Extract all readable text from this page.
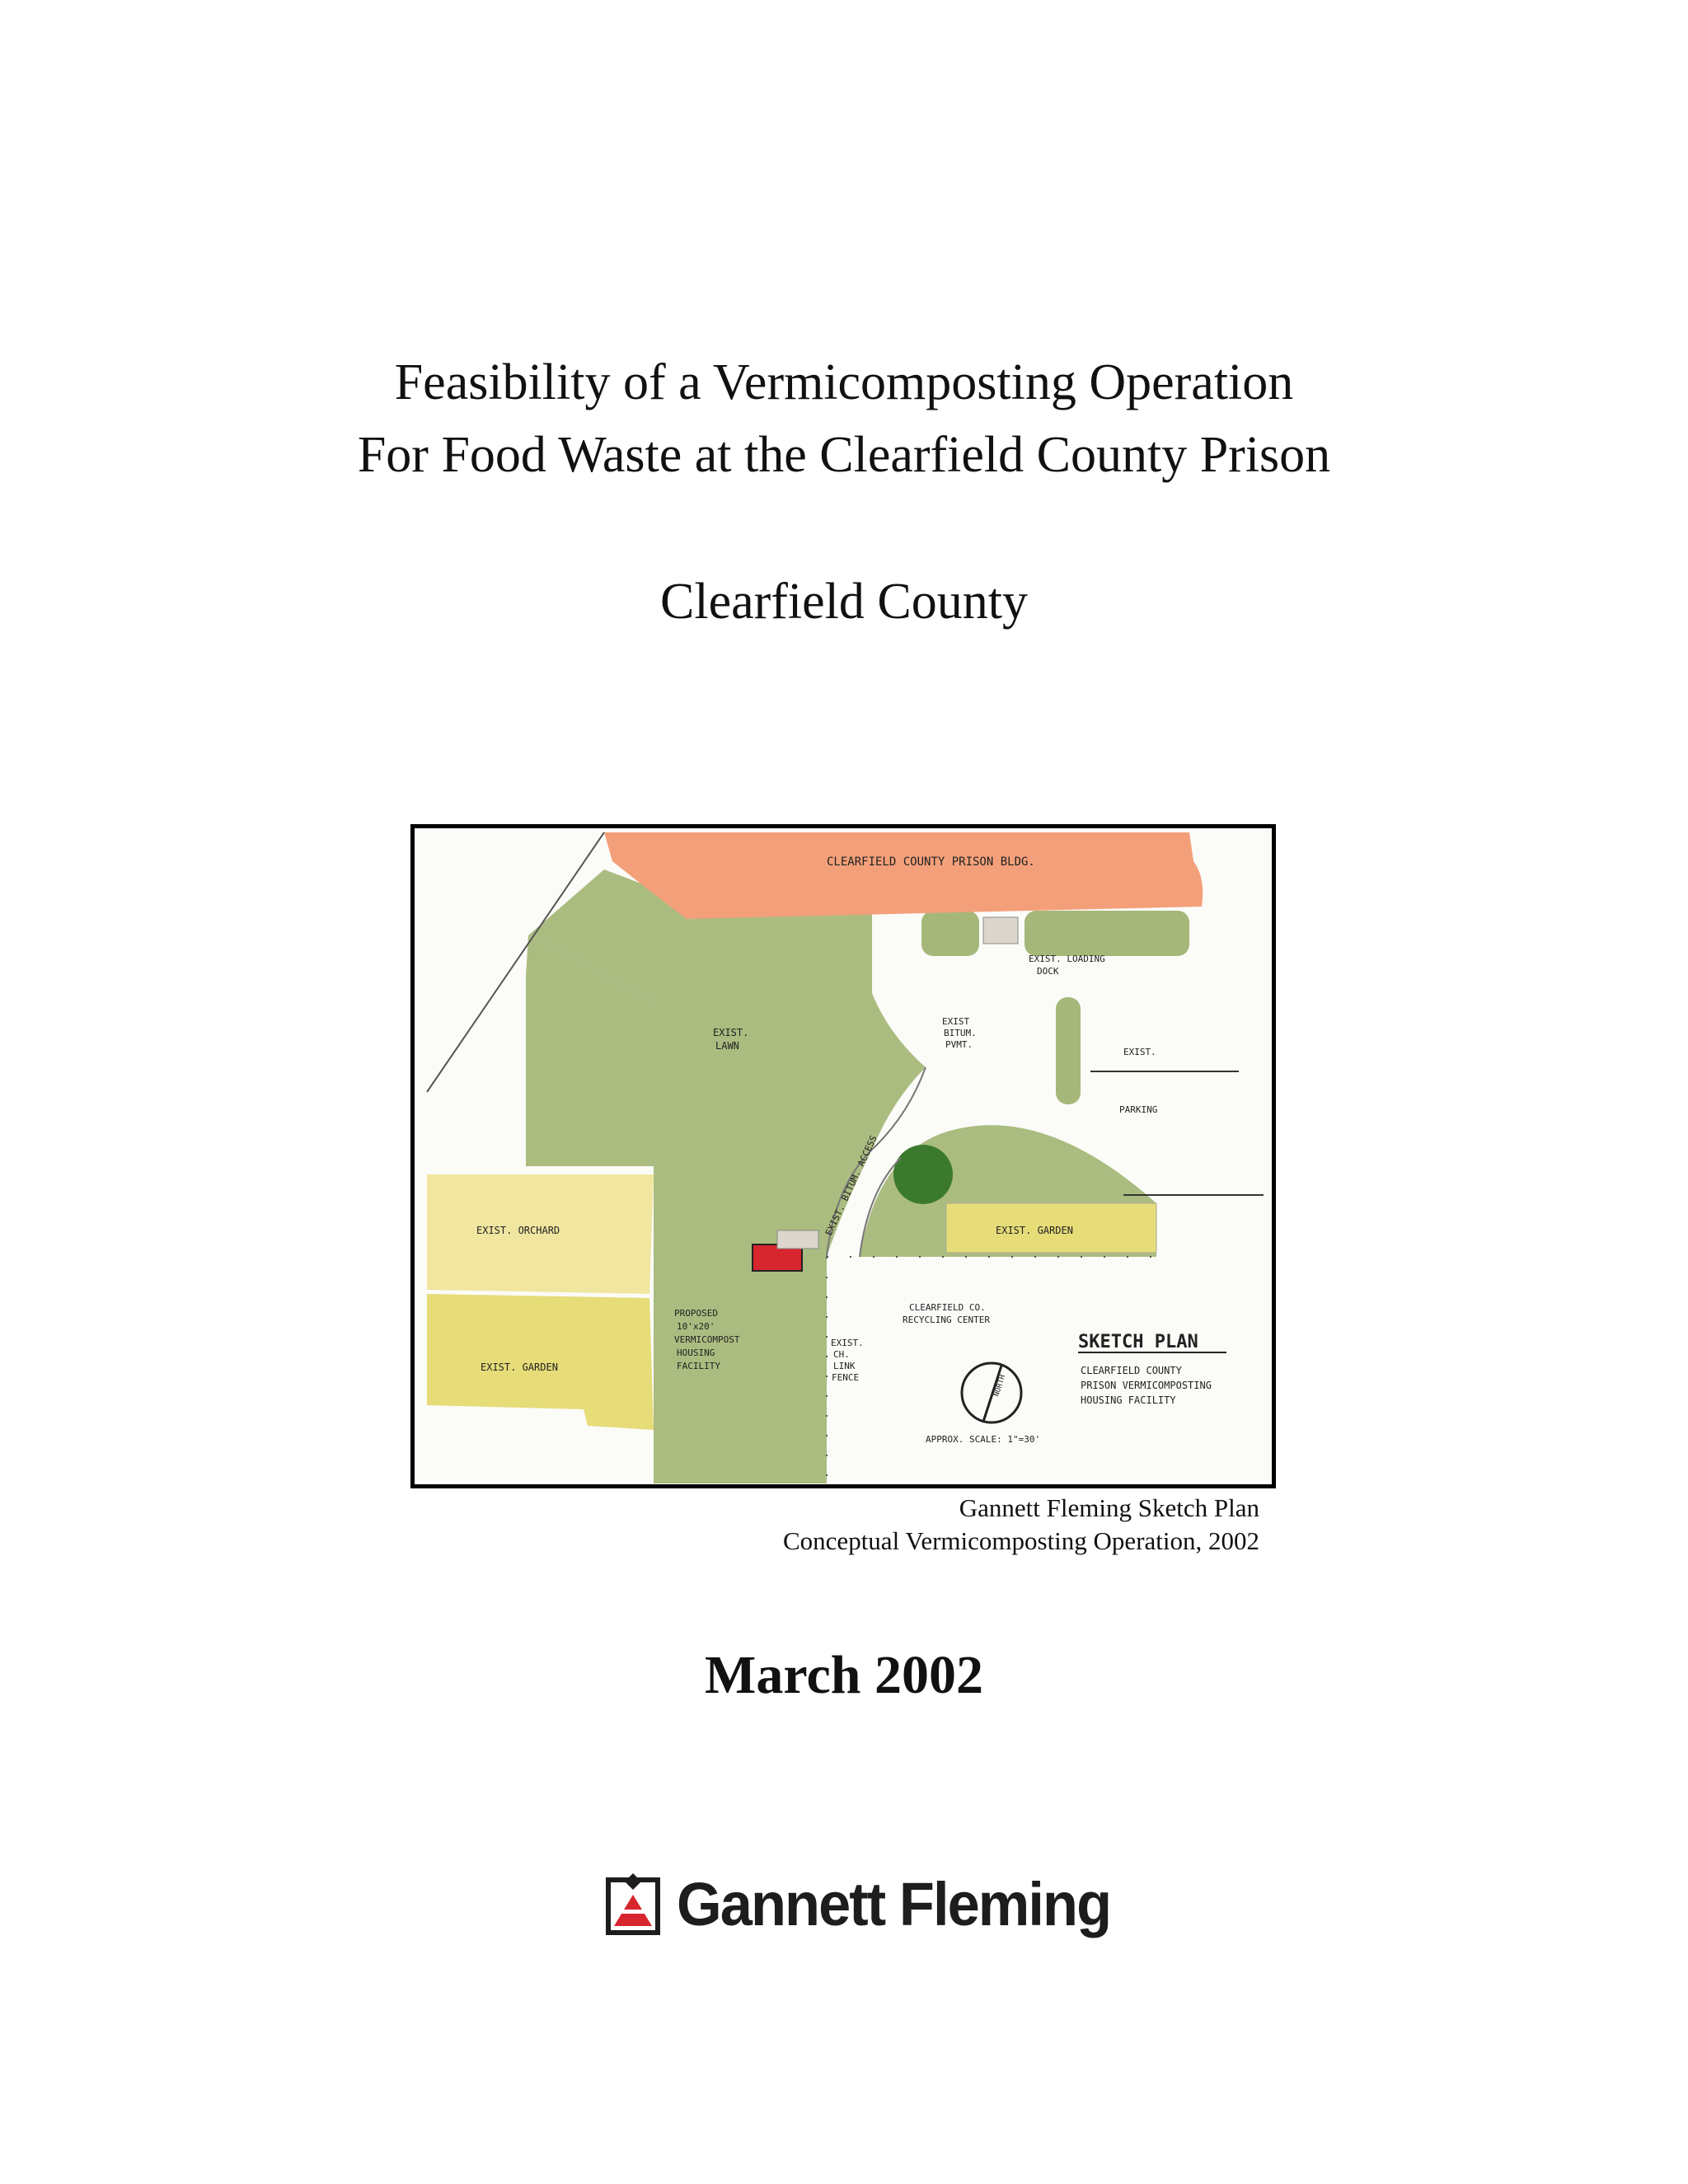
Feasibility of a Vermicomposting Operation
For Food Waste at the Clearfield County Prison
Clearfield County
CLEARFIELD COUNTY PRISON BLDG.
EXIST. LOADING
DOCK
EXIST.
LAWN
EXIST
BITUM.
PVMT.
EXIST.
PARKING
EXIST. BITUM. ACCESS	EXIST. GARDEN
EXIST. ORCHARD
EXIST. GARDEN
PROPOSED
10'x20'
VERMICOMPOST
HOUSING
FACILITY
EXIST.
CH.
LINK
FENCE
CLEARFIELD CO.
RECYCLING CENTER
NORTH
APPROX. SCALE: 1"=30'
SKETCH PLAN
CLEARFIELD COUNTY
PRISON VERMICOMPOSTING
HOUSING FACILITY
Gannett Fleming Sketch Plan
Conceptual Vermicomposting Operation, 2002
March 2002
Gannett Fleming
